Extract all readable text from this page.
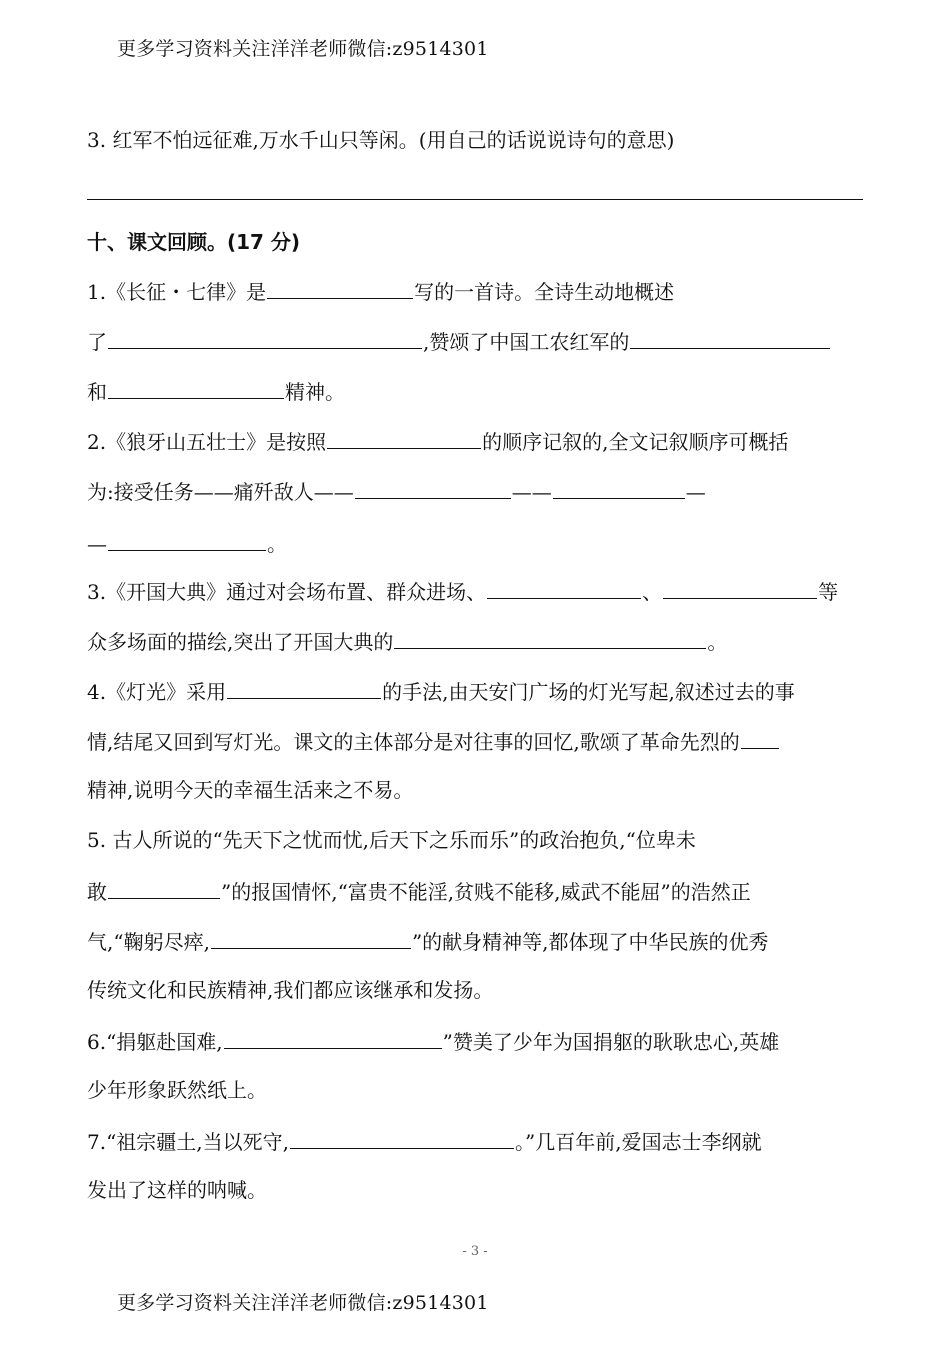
更多学习资料关注洋洋老师微信:z9514301
3. 红军不怕远征难,万水千山只等闲。(用自己的话说说诗句的意思)
十、课文回顾。(17 分)
1.《长征・七律》是	写的一首诗。全诗生动地概述
了	,赞颂了中国工农红军的
和	精神。
2.《狼牙山五壮士》是按照	的顺序记叙的,全文记叙顺序可概括
为:接受任务——痛歼敌人——	——	—
—	。
3.《开国大典》通过对会场布置、群众进场、	、	等
众多场面的描绘,突出了开国大典的	。
4.《灯光》采用	的手法,由天安门广场的灯光写起,叙述过去的事
情,结尾又回到写灯光。课文的主体部分是对往事的回忆,歌颂了革命先烈的
精神,说明今天的幸福生活来之不易。
5. 古人所说的“先天下之忧而忧,后天下之乐而乐”的政治抱负,“位卑未
敢	”的报国情怀,“富贵不能淫,贫贱不能移,威武不能屈”的浩然正
气,“鞠躬尽瘁,	”的献身精神等,都体现了中华民族的优秀
传统文化和民族精神,我们都应该继承和发扬。
6.“捐躯赴国难,	”赞美了少年为国捐躯的耿耿忠心,英雄
少年形象跃然纸上。
7.“祖宗疆土,当以死守,	。”几百年前,爱国志士李纲就
发出了这样的呐喊。
- 3 -
更多学习资料关注洋洋老师微信:z9514301
